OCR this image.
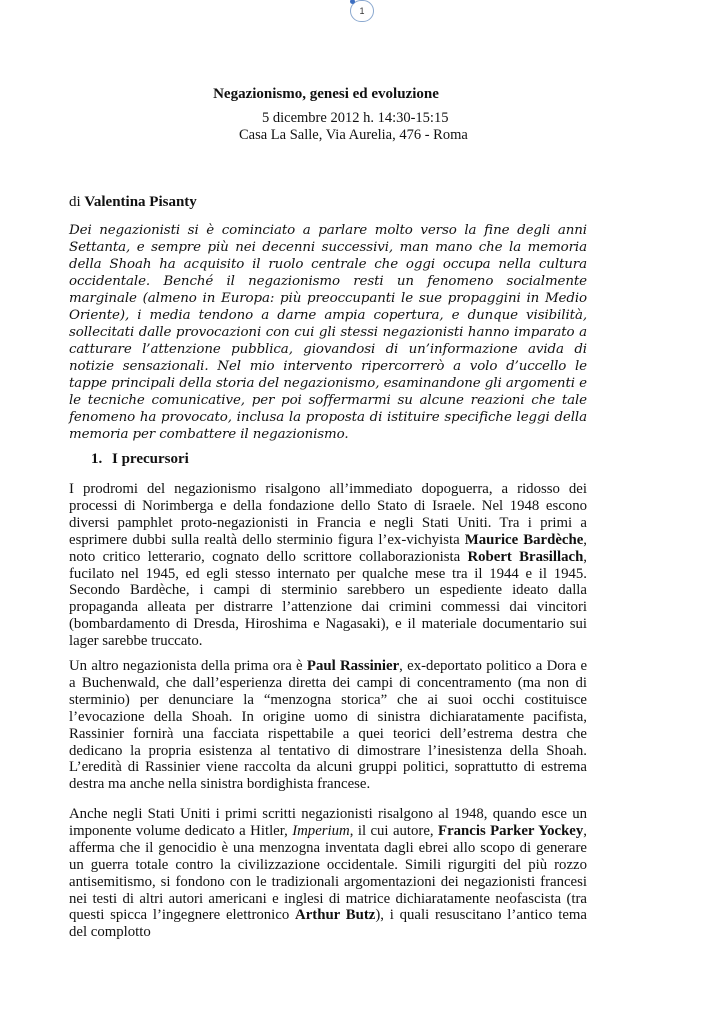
1
Negazionismo, genesi ed evoluzione
5 dicembre 2012 h. 14:30-15:15
Casa La Salle, Via Aurelia, 476 - Roma
di Valentina Pisanty

Dei negazionisti si è cominciato a parlare molto verso la fine degli anni Settanta, e sempre più nei decenni successivi, man mano che la memoria della Shoah ha acquisito il ruolo centrale che oggi occupa nella cultura occidentale. Benché il negazionismo resti un fenomeno socialmente marginale (almeno in Europa: più preoccupanti le sue propaggini in Medio Oriente), i media tendono a darne ampia copertura, e dunque visibilità, sollecitati dalle provocazioni con cui gli stessi negazionisti hanno imparato a catturare l’attenzione pubblica, giovandosi di un’informazione avida di notizie sensazionali. Nel mio intervento ripercorrerò a volo d’uccello le tappe principali della storia del negazionismo, esaminandone gli argomenti e le tecniche comunicative, per poi soffermarmi su alcune reazioni che tale fenomeno ha provocato, inclusa la proposta di istituire specifiche leggi della memoria per combattere il negazionismo.

1. I precursori

I prodromi del negazionismo risalgono all’immediato dopoguerra, a ridosso dei processi di Norimberga e della fondazione dello Stato di Israele. Nel 1948 escono diversi pamphlet proto-negazionisti in Francia e negli Stati Uniti. Tra i primi a esprimere dubbi sulla realtà dello sterminio figura l’ex-vichyista Maurice Bardèche, noto critico letterario, cognato dello scrittore collaborazionista Robert Brasillach, fucilato nel 1945, ed egli stesso internato per qualche mese tra il 1944 e il 1945. Secondo Bardèche, i campi di sterminio sarebbero un espediente ideato dalla propaganda alleata per distrarre l’attenzione dai crimini commessi dai vincitori (bombardamento di Dresda, Hiroshima e Nagasaki), e il materiale documentario sui lager sarebbe truccato.

Un altro negazionista della prima ora è Paul Rassinier, ex-deportato politico a Dora e a Buchenwald, che dall’esperienza diretta dei campi di concentramento (ma non di sterminio) per denunciare la “menzogna storica” che ai suoi occhi costituisce l’evocazione della Shoah. In origine uomo di sinistra dichiaratamente pacifista, Rassinier fornirà una facciata rispettabile a quei teorici dell’estrema destra che dedicano la propria esistenza al tentativo di dimostrare l’inesistenza della Shoah. L’eredità di Rassinier viene raccolta da alcuni gruppi politici, soprattutto di estrema destra ma anche nella sinistra bordighista francese.

Anche negli Stati Uniti i primi scritti negazionisti risalgono al 1948, quando esce un imponente volume dedicato a Hitler, Imperium, il cui autore, Francis Parker Yockey, afferma che il genocidio è una menzogna inventata dagli ebrei allo scopo di generare un guerra totale contro la civilizzazione occidentale. Simili rigurgiti del più rozzo antisemitismo, si fondono con le tradizionali argomentazioni dei negazionisti francesi nei testi di altri autori americani e inglesi di matrice dichiaratamente neofascista (tra questi spicca l’ingegnere elettronico Arthur Butz), i quali resuscitano l’antico tema del complotto
